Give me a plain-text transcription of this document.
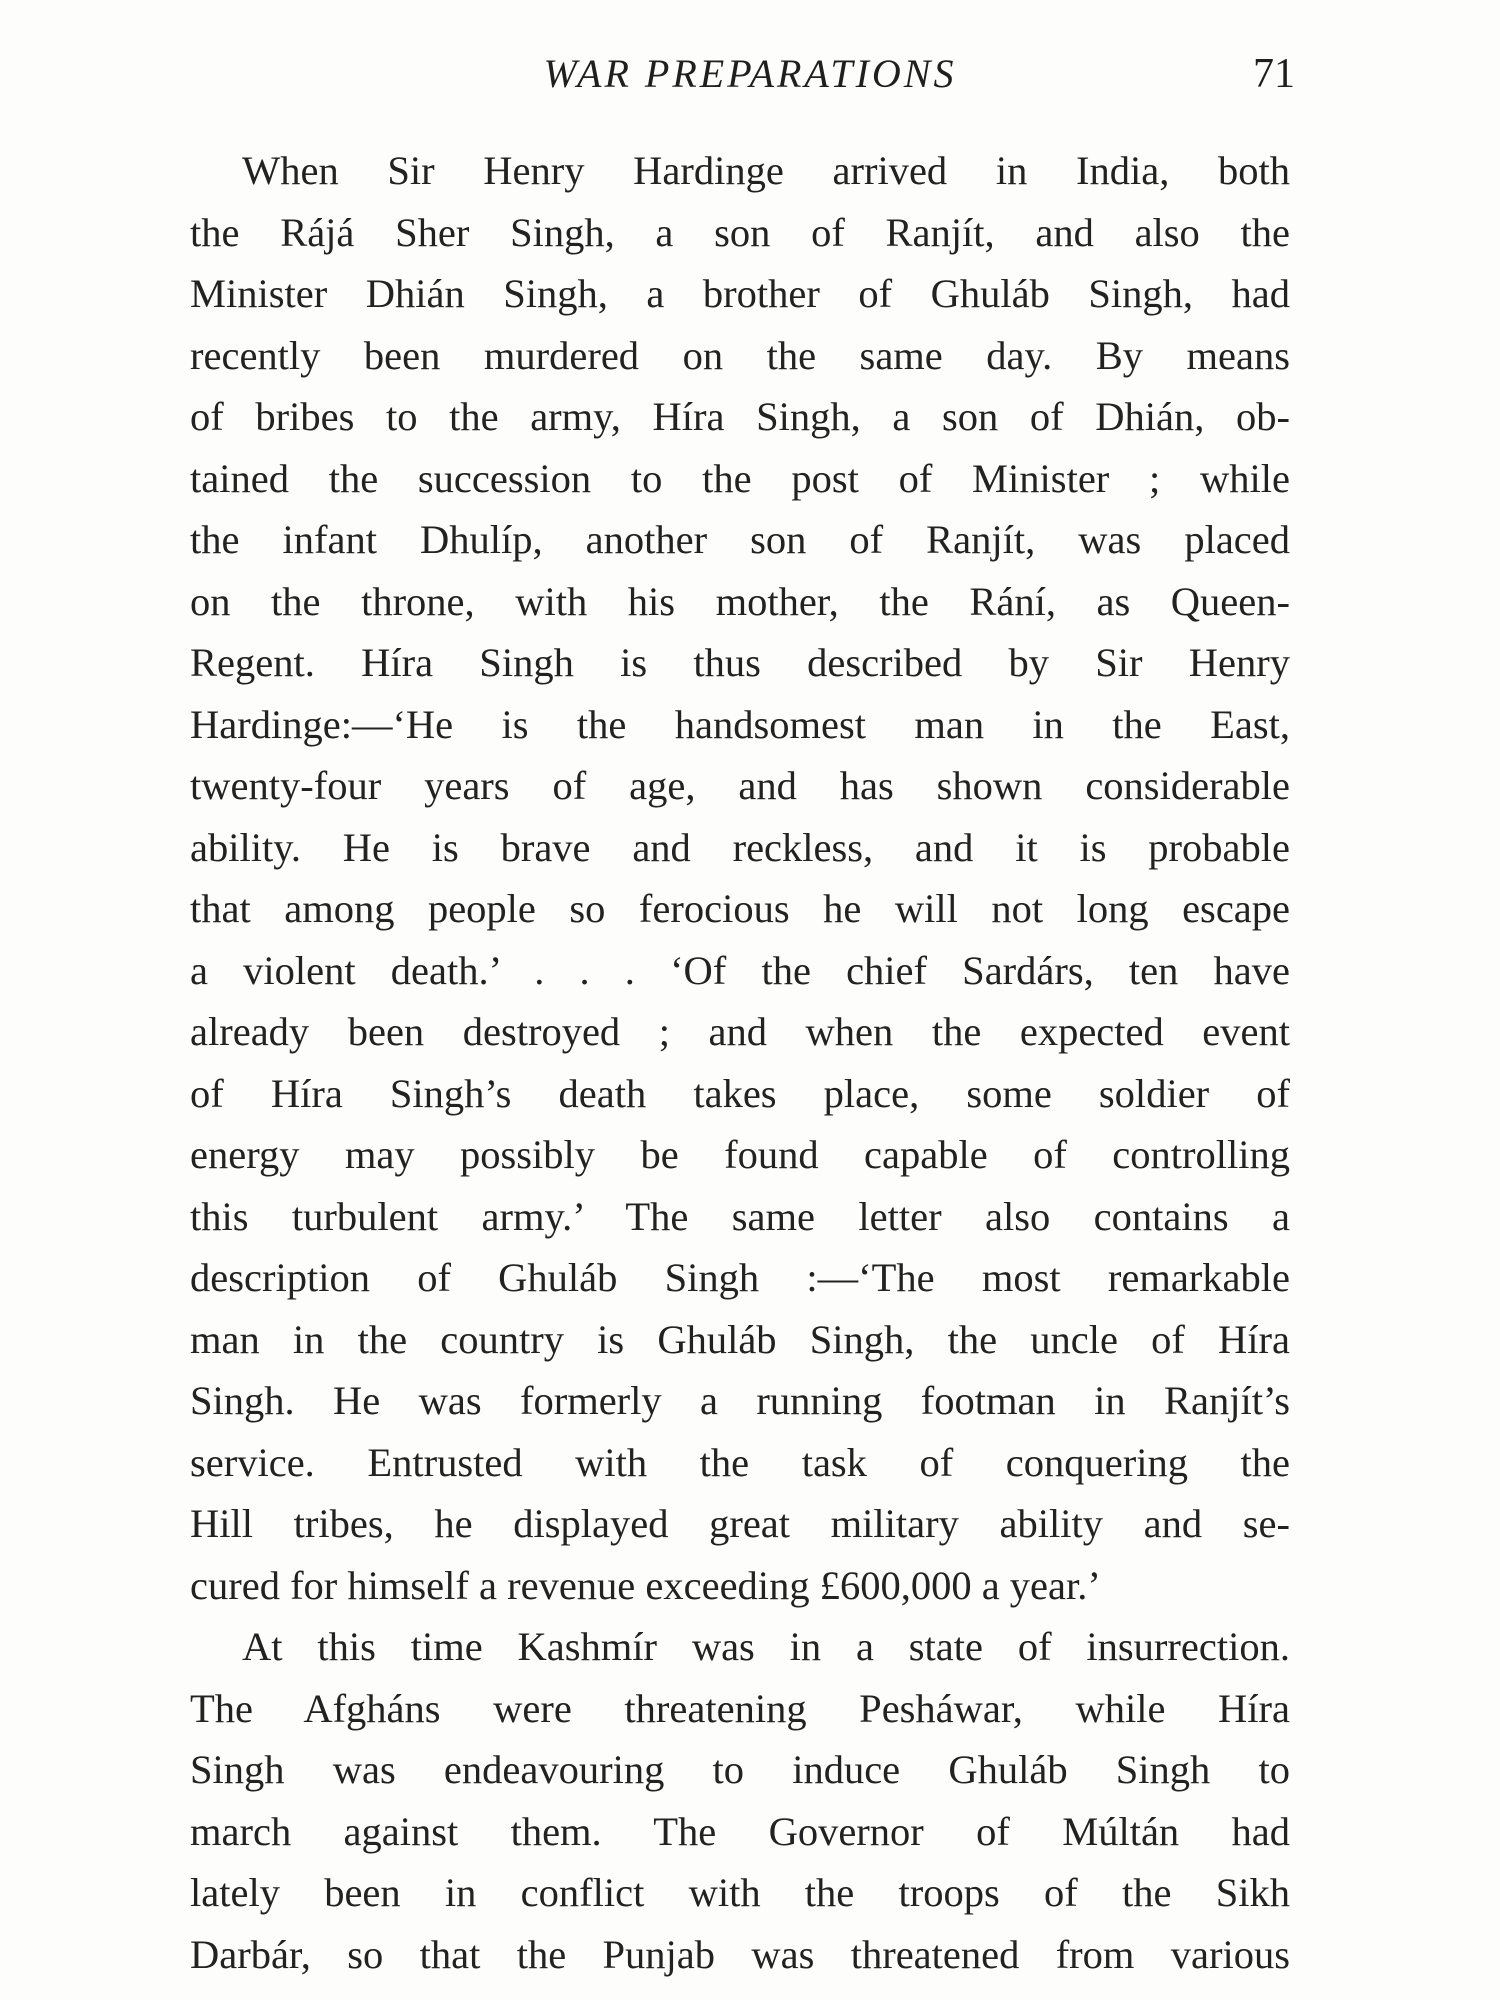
WAR PREPARATIONS	71
When Sir Henry Hardinge arrived in India, both
the Rájá Sher Singh, a son of Ranjít, and also the
Minister Dhián Singh, a brother of Ghuláb Singh, had
recently been murdered on the same day. By means
of bribes to the army, Híra Singh, a son of Dhián, ob-
tained the succession to the post of Minister ; while
the infant Dhulíp, another son of Ranjít, was placed
on the throne, with his mother, the Rání, as Queen-
Regent. Híra Singh is thus described by Sir Henry
Hardinge:—‘He is the handsomest man in the East,
twenty-four years of age, and has shown considerable
ability. He is brave and reckless, and it is probable
that among people so ferocious he will not long escape
a violent death.’ . . . ‘Of the chief Sardárs, ten have
already been destroyed ; and when the expected event
of Híra Singh’s death takes place, some soldier of
energy may possibly be found capable of controlling
this turbulent army.’ The same letter also contains a
description of Ghuláb Singh :—‘The most remarkable
man in the country is Ghuláb Singh, the uncle of Híra
Singh. He was formerly a running footman in Ranjít’s
service. Entrusted with the task of conquering the
Hill tribes, he displayed great military ability and se-
cured for himself a revenue exceeding £600,000 a year.’
At this time Kashmír was in a state of insurrection.
The Afgháns were threatening Pesháwar, while Híra
Singh was endeavouring to induce Ghuláb Singh to
march against them. The Governor of Múltán had
lately been in conflict with the troops of the Sikh
Darbár, so that the Punjab was threatened from various
